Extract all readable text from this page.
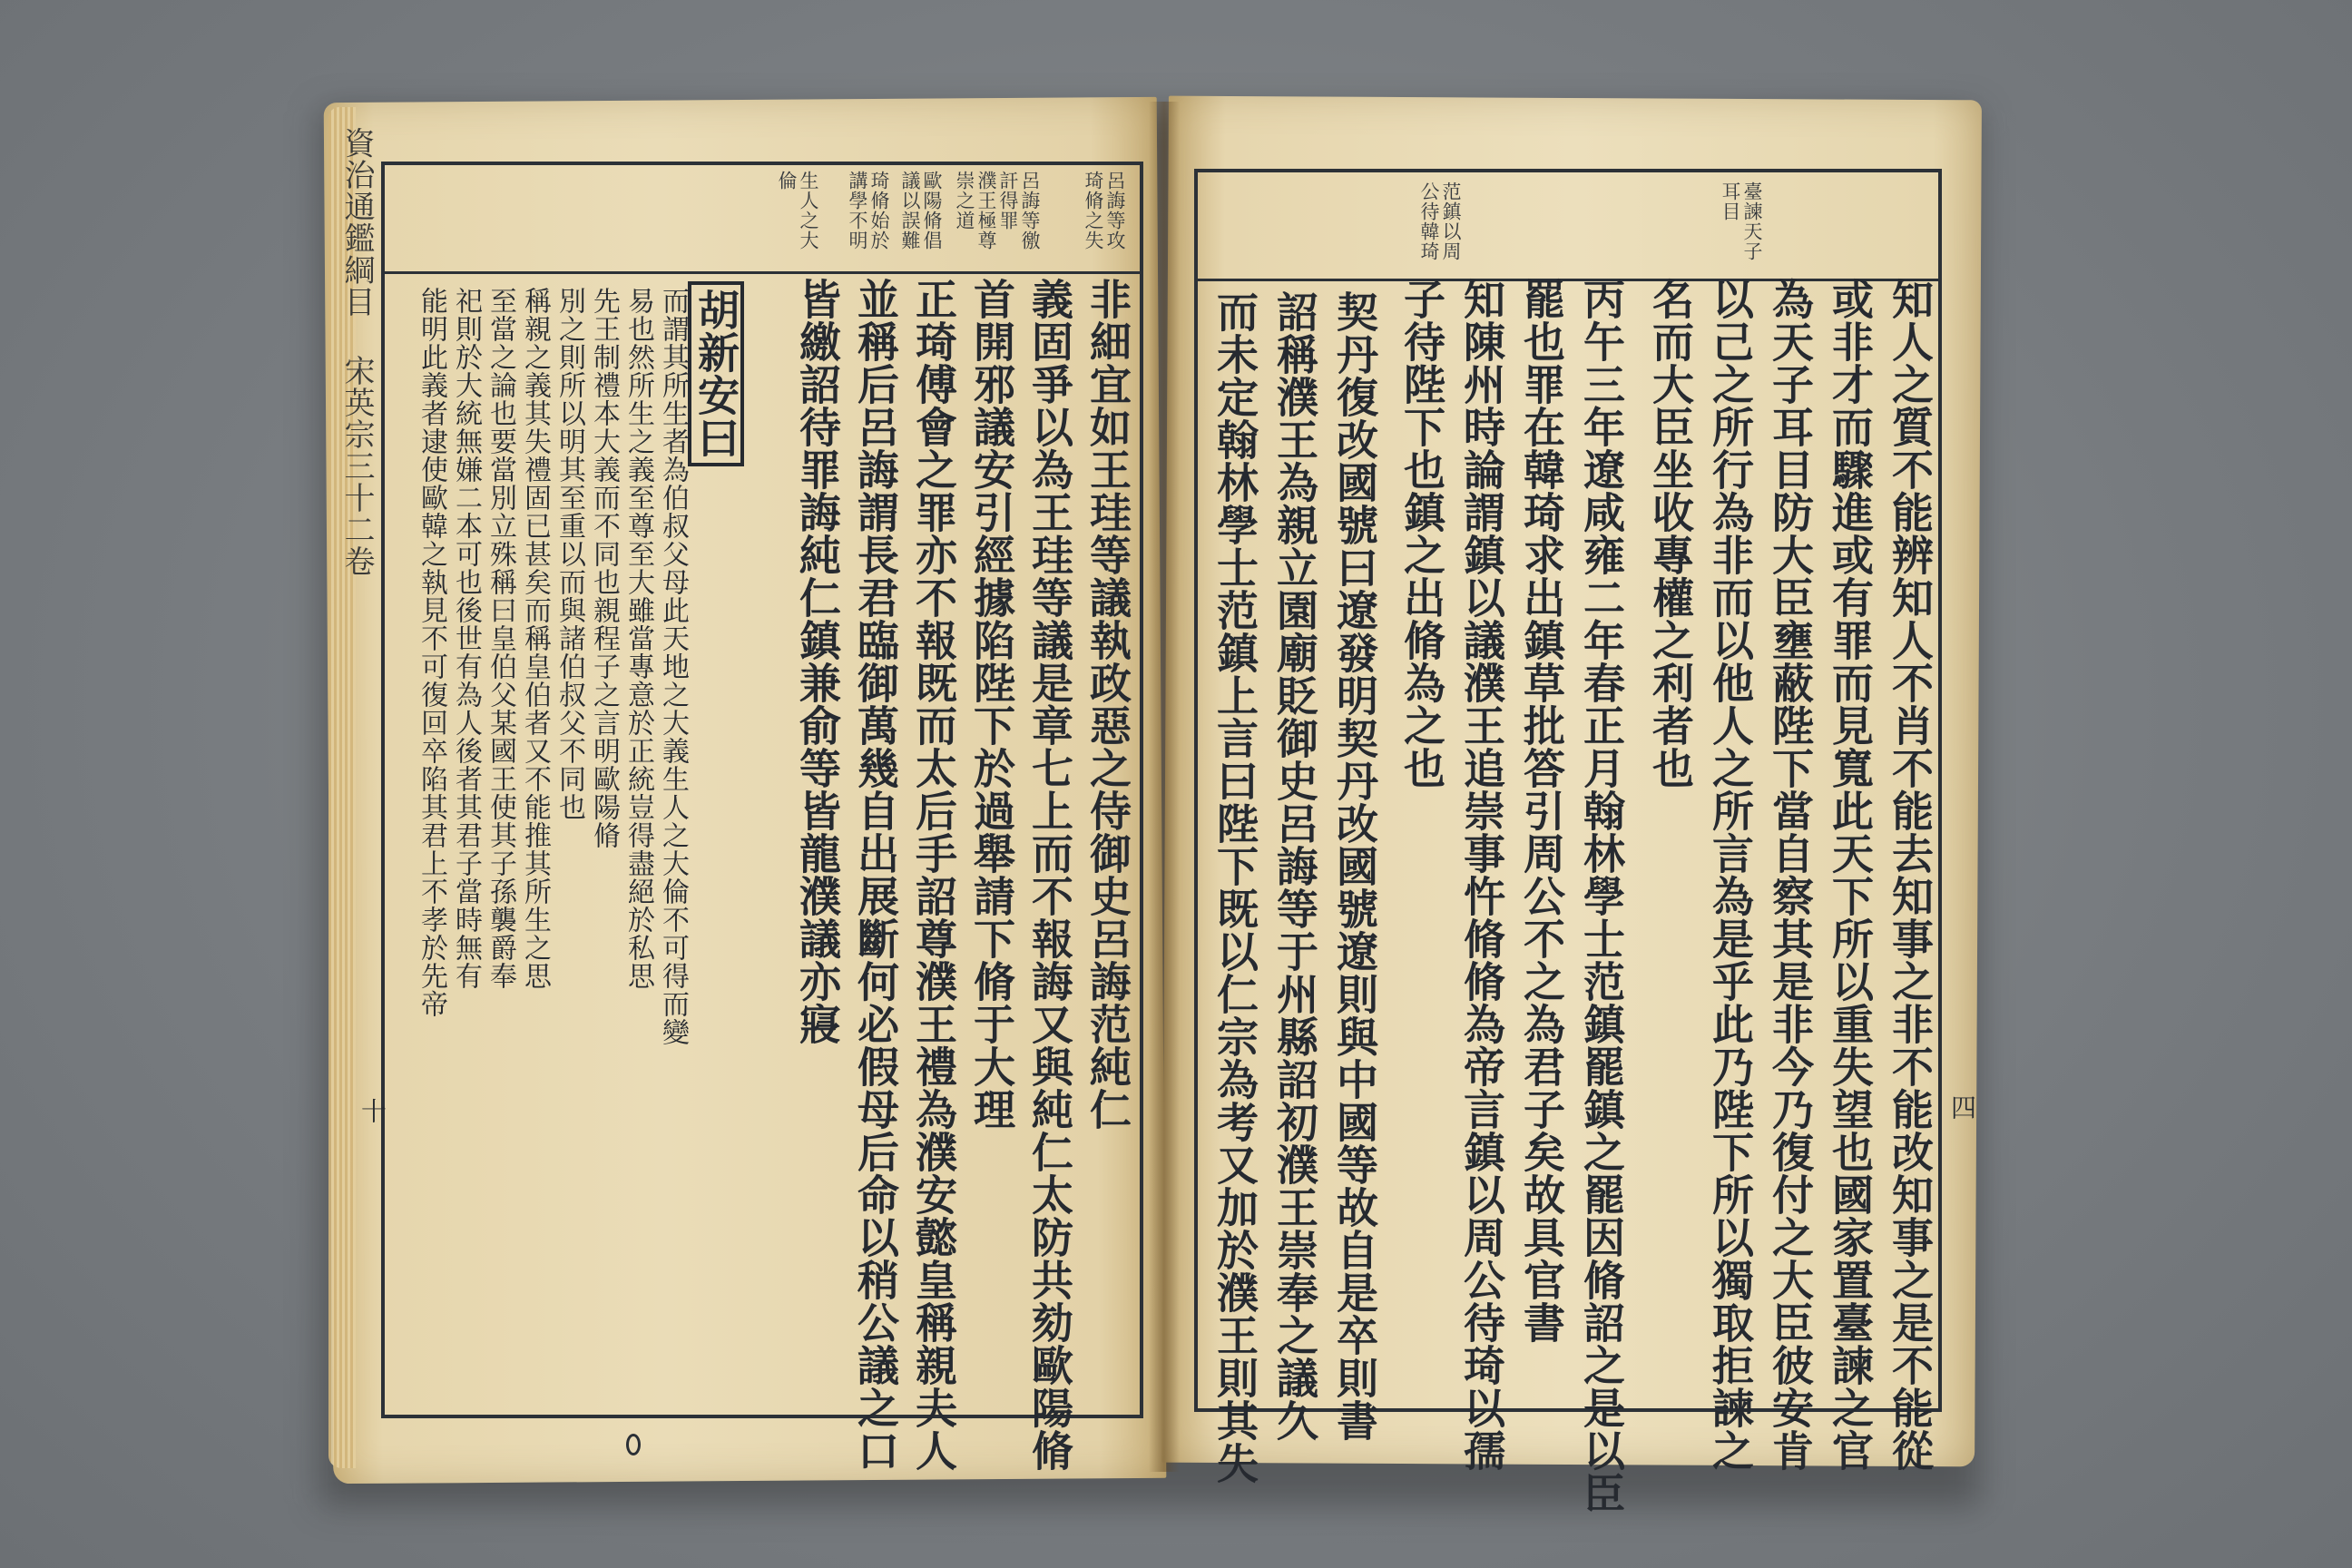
資治通鑑綱目 宋英宗三十二卷	臺諫天子
耳目
范鎮以周
公待韓琦
呂誨等攻
琦脩之失
呂誨等徼
訐得罪
濮王極尊
崇之道
歐陽脩倡
議以誤難
琦脩始於
講學不明
生人之大
倫
知人之質不能辨知人不肖不能去知事之非不能改知事之是不能從
或非才而驟進或有罪而見寬此天下所以重失望也國家置臺諫之官
為天子耳目防大臣壅蔽陛下當自察其是非今乃復付之大臣彼安肯
以己之所行為非而以他人之所言為是乎此乃陛下所以獨取拒諫之
名而大臣坐收專權之利者也
丙午三年遼咸雍二年春正月翰林學士范鎮罷鎮之罷因脩詔之是以臣
罷也罪在韓琦求出鎮草批答引周公不之為君子矣故具官書
知陳州時論謂鎮以議濮王追崇事忤脩脩為帝言鎮以周公待琦以孺
子待陛下也鎮之出脩為之也
契丹復改國號曰遼發明契丹改國號遼則與中國等故自是卒則書
詔稱濮王為親立園廟貶御史呂誨等于州縣詔初濮王崇奉之議久
而未定翰林學士范鎮上言曰陛下既以仁宗為考又加於濮王則其失
非細宜如王珪等議執政惡之侍御史呂誨范純仁
義固爭以為王珪等議是章七上而不報誨又與純仁太防共劾歐陽脩
首開邪議安引經據陷陛下於過舉請下脩于大理
正琦傅會之罪亦不報既而太后手詔尊濮王禮為濮安懿皇稱親夫人
並稱后呂誨謂長君臨御萬幾自出展斷何必假母后命以稍公議之口
皆繳詔待罪誨純仁鎮兼俞等皆龍濮議亦寢
胡新安曰
而謂其所生者為伯叔父母此天地之大義生人之大倫不可得而變
易也然所生之義至尊至大雖當專意於正統豈得盡絕於私思
先王制禮本大義而不同也親程子之言明歐陽脩
別之則所以明其至重以而與諸伯叔父不同也
稱親之義其失禮固已甚矣而稱皇伯者又不能推其所生之思
至當之論也要當別立殊稱曰皇伯父某國王使其子孫襲爵奉
祀則於大統無嫌二本可也後世有為人後者其君子當時無有
能明此義者逮使歐韓之執見不可復回卒陷其君上不孝於先帝
四
十
